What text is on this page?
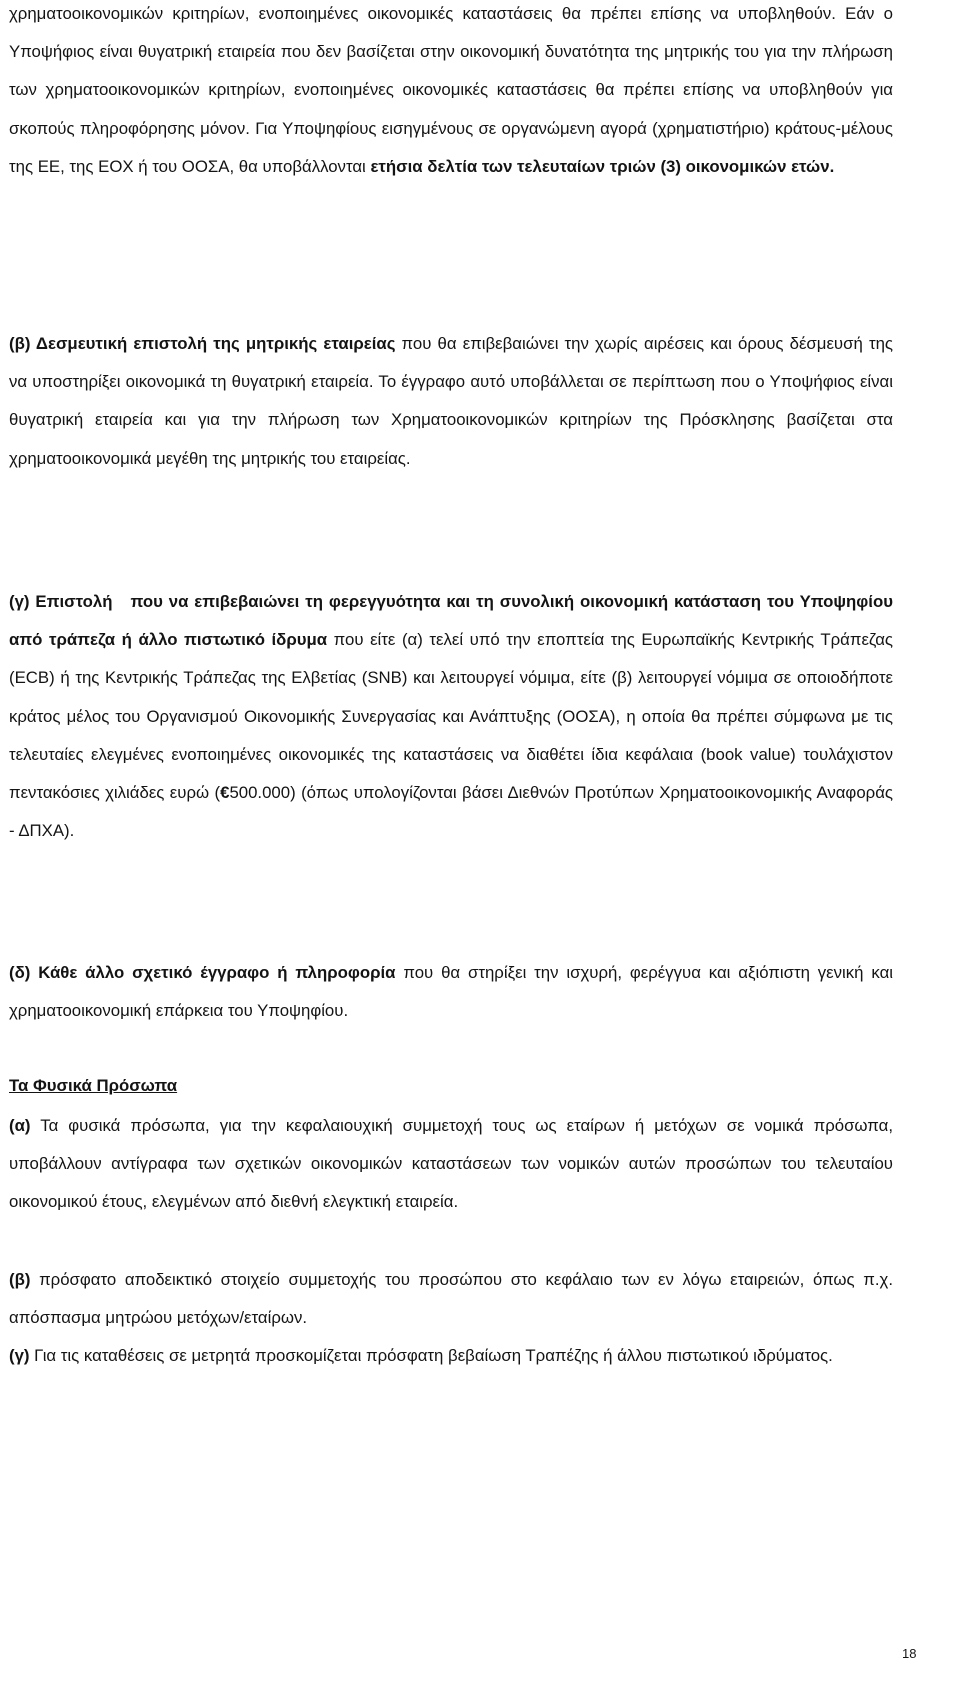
χρηματοοικονομικών κριτηρίων, ενοποιημένες οικονομικές καταστάσεις θα πρέπει επίσης να υποβληθούν. Εάν ο Υποψήφιος είναι θυγατρική εταιρεία που δεν βασίζεται στην οικονομική δυνατότητα της μητρικής του για την πλήρωση των χρηματοοικονομικών κριτηρίων, ενοποιημένες οικονομικές καταστάσεις θα πρέπει επίσης να υποβληθούν για σκοπούς πληροφόρησης μόνον. Για Υποψηφίους εισηγμένους σε οργανώμενη αγορά (χρηματιστήριο) κράτους-μέλους της ΕΕ, της ΕΟΧ ή του ΟΟΣΑ, θα υποβάλλονται ετήσια δελτία των τελευταίων τριών (3) οικονομικών ετών.

(β) Δεσμευτική επιστολή της μητρικής εταιρείας που θα επιβεβαιώνει την χωρίς αιρέσεις και όρους δέσμευσή της να υποστηρίξει οικονομικά τη θυγατρική εταιρεία. Το έγγραφο αυτό υποβάλλεται σε περίπτωση που ο Υποψήφιος είναι θυγατρική εταιρεία και για την πλήρωση των Χρηματοοικονομικών κριτηρίων της Πρόσκλησης βασίζεται στα χρηματοοικονομικά μεγέθη της μητρικής του εταιρείας.

(γ) Επιστολή που να επιβεβαιώνει τη φερεγγυότητα και τη συνολική οικονομική κατάσταση του Υποψηφίου από τράπεζα ή άλλο πιστωτικό ίδρυμα που είτε (α) τελεί υπό την εποπτεία της Ευρωπαϊκής Κεντρικής Τράπεζας (ECB) ή της Κεντρικής Τράπεζας της Ελβετίας (SNB) και λειτουργεί νόμιμα, είτε (β) λειτουργεί νόμιμα σε οποιοδήποτε κράτος μέλος του Οργανισμού Οικονομικής Συνεργασίας και Ανάπτυξης (ΟΟΣΑ), η οποία θα πρέπει σύμφωνα με τις τελευταίες ελεγμένες ενοποιημένες οικονομικές της καταστάσεις να διαθέτει ίδια κεφάλαια (book value) τουλάχιστον πεντακόσιες χιλιάδες ευρώ (€500.000) (όπως υπολογίζονται βάσει Διεθνών Προτύπων Χρηματοοικονομικής Αναφοράς - ΔΠΧΑ).

(δ) Κάθε άλλο σχετικό έγγραφο ή πληροφορία που θα στηρίξει την ισχυρή, φερέγγυα και αξιόπιστη γενική και χρηματοοικονομική επάρκεια του Υποψηφίου.

Τα Φυσικά Πρόσωπα

(α) Τα φυσικά πρόσωπα, για την κεφαλαιουχική συμμετοχή τους ως εταίρων ή μετόχων σε νομικά πρόσωπα, υποβάλλουν αντίγραφα των σχετικών οικονομικών καταστάσεων των νομικών αυτών προσώπων του τελευταίου οικονομικού έτους, ελεγμένων από διεθνή ελεγκτική εταιρεία.

(β) πρόσφατο αποδεικτικό στοιχείο συμμετοχής του προσώπου στο κεφάλαιο των εν λόγω εταιρειών, όπως π.χ. απόσπασμα μητρώου μετόχων/εταίρων.

(γ) Για τις καταθέσεις σε μετρητά προσκομίζεται πρόσφατη βεβαίωση Τραπέζης ή άλλου πιστωτικού ιδρύματος.

18
